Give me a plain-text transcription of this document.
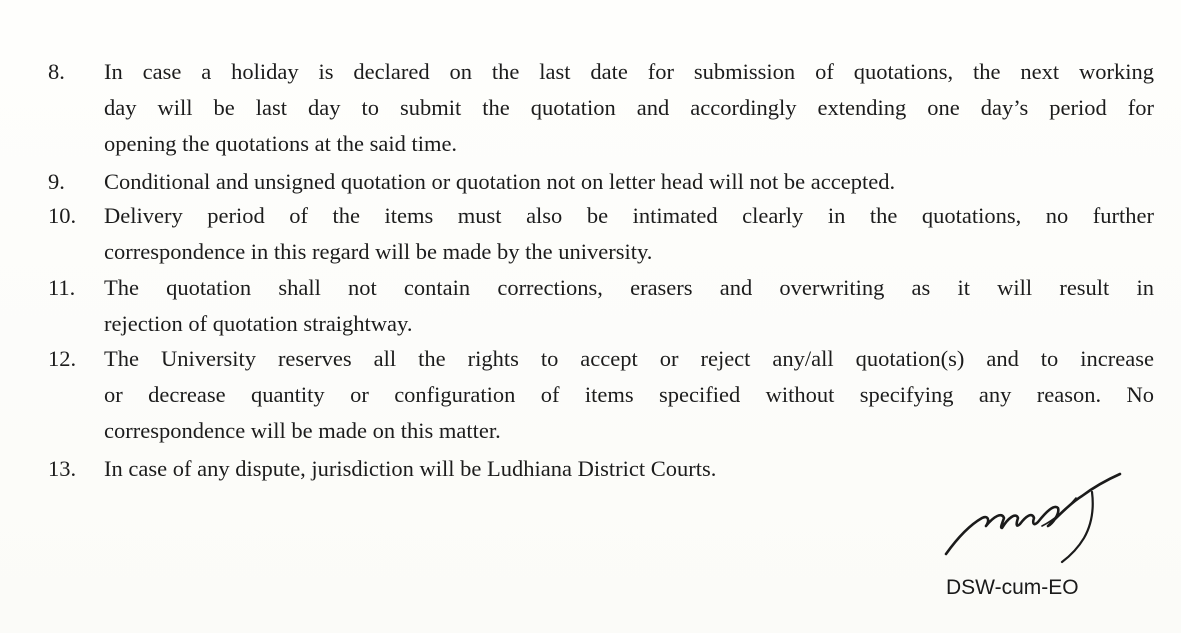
8. In case a holiday is declared on the last date for submission of quotations, the next working
day will be last day to submit the quotation and accordingly extending one day’s period for
opening the quotations at the said time.
9. Conditional and unsigned quotation or quotation not on letter head will not be accepted.
10. Delivery period of the items must also be intimated clearly in the quotations, no further
correspondence in this regard will be made by the university.
11. The quotation shall not contain corrections, erasers and overwriting as it will result in
rejection of quotation straightway.
12. The University reserves all the rights to accept or reject any/all quotation(s) and to increase
or decrease quantity or configuration of items specified without specifying any reason. No
correspondence will be made on this matter.
13. In case of any dispute, jurisdiction will be Ludhiana District Courts.
DSW-cum-EO
